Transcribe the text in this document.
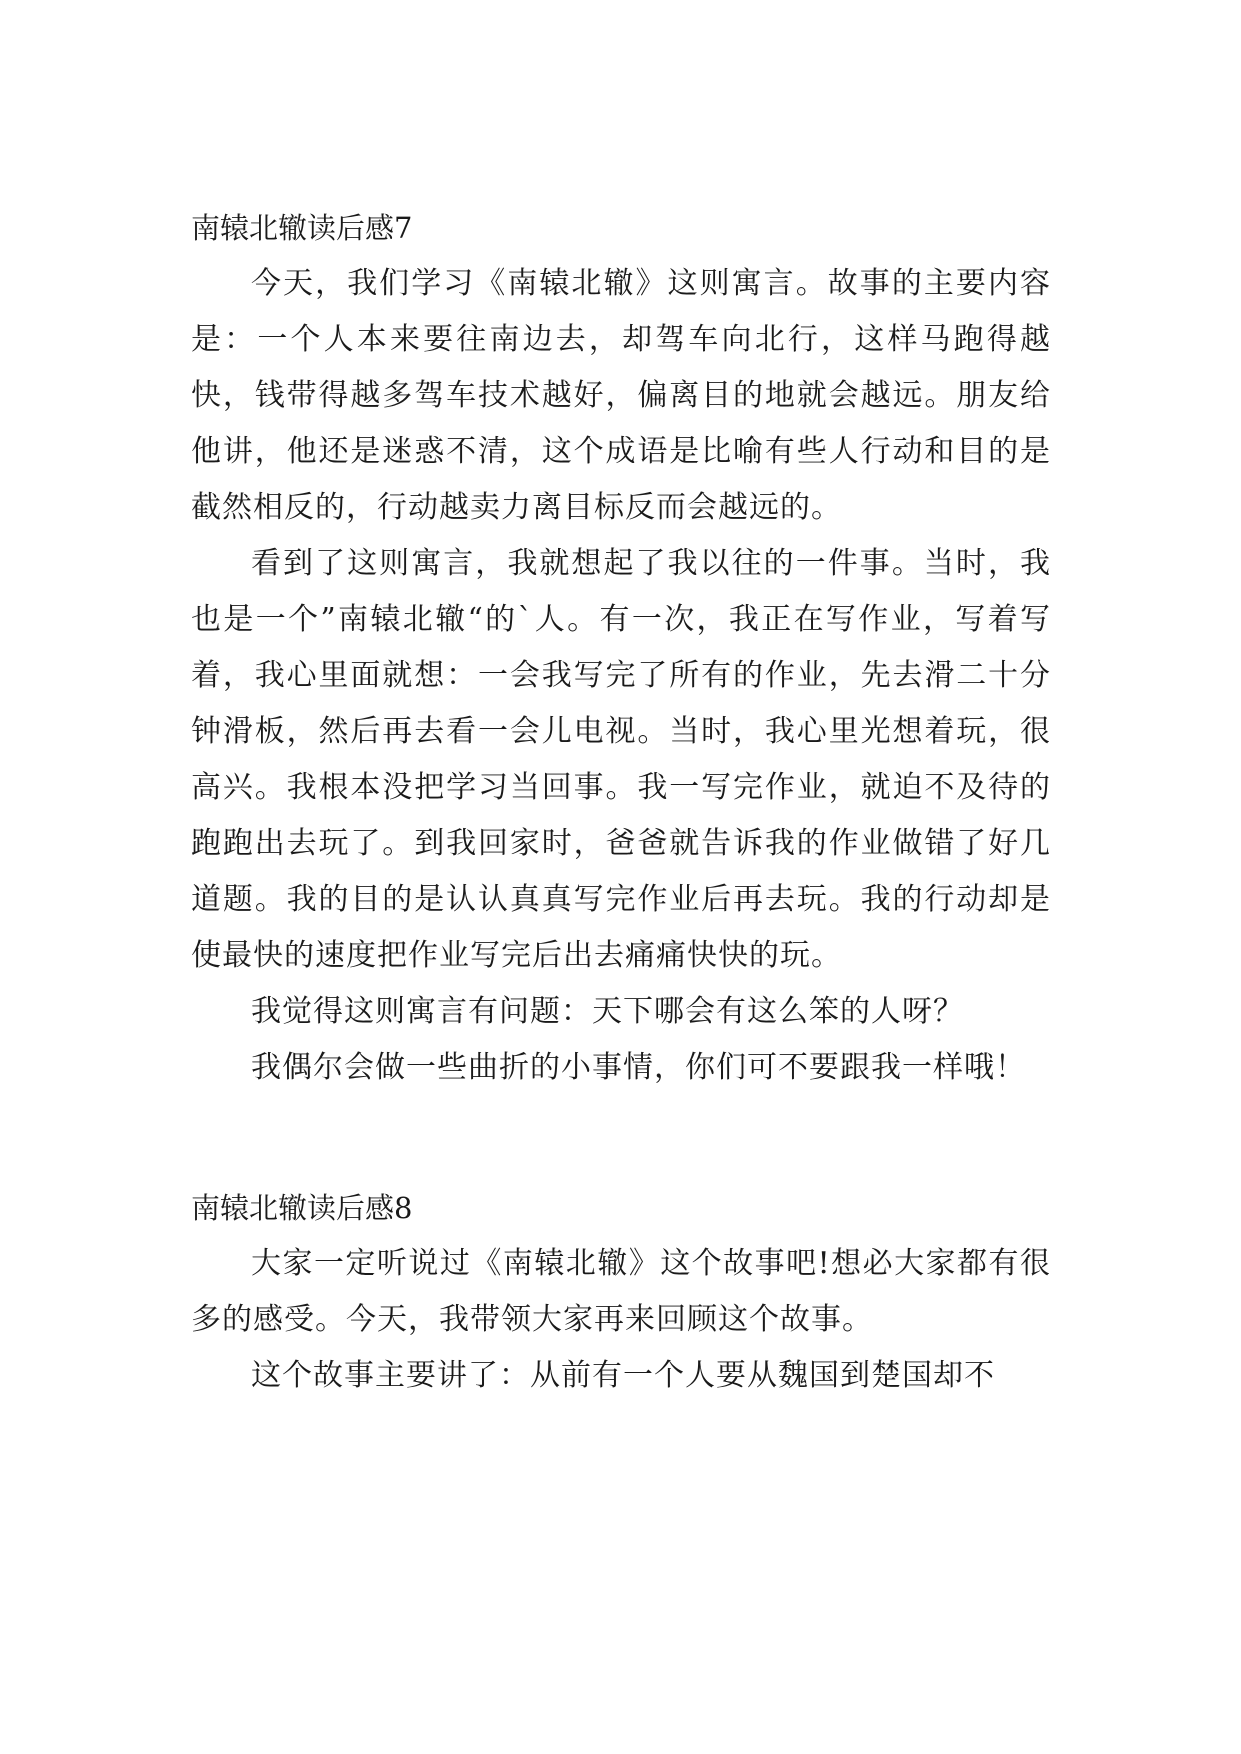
南辕北辙读后感7

今天，我们学习《南辕北辙》这则寓言。故事的主要内容是：一个人本来要往南边去，却驾车向北行，这样马跑得越快，钱带得越多驾车技术越好，偏离目的地就会越远。朋友给他讲，他还是迷惑不清，这个成语是比喻有些人行动和目的是截然相反的，行动越卖力离目标反而会越远的。

看到了这则寓言，我就想起了我以往的一件事。当时，我也是一个”南辕北辙“的`人。有一次，我正在写作业，写着写着，我心里面就想：一会我写完了所有的作业，先去滑二十分钟滑板，然后再去看一会儿电视。当时，我心里光想着玩，很高兴。我根本没把学习当回事。我一写完作业，就迫不及待的跑跑出去玩了。到我回家时，爸爸就告诉我的作业做错了好几道题。我的目的是认认真真写完作业后再去玩。我的行动却是使最快的速度把作业写完后出去痛痛快快的玩。

我觉得这则寓言有问题：天下哪会有这么笨的人呀？

我偶尔会做一些曲折的小事情，你们可不要跟我一样哦！

南辕北辙读后感8

大家一定听说过《南辕北辙》这个故事吧!想必大家都有很多的感受。今天，我带领大家再来回顾这个故事。

这个故事主要讲了：从前有一个人要从魏国到楚国却不
